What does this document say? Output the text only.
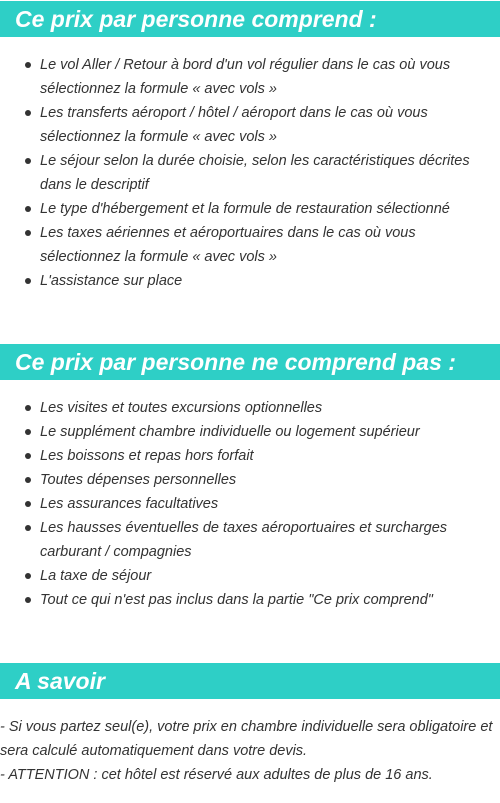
Ce prix par personne comprend :
Le vol Aller / Retour à bord d'un vol régulier dans le cas où vous sélectionnez la formule « avec vols »
Les transferts aéroport / hôtel / aéroport dans le cas où vous sélectionnez la formule « avec vols »
Le séjour selon la durée choisie, selon les caractéristiques décrites dans le descriptif
Le type d'hébergement et la formule de restauration sélectionné
Les taxes aériennes et aéroportuaires dans le cas où vous sélectionnez la formule « avec vols »
L'assistance sur place
Ce prix par personne ne comprend pas :
Les visites et toutes excursions optionnelles
Le supplément chambre individuelle ou logement supérieur
Les boissons et repas hors forfait
Toutes dépenses personnelles
Les assurances facultatives
Les hausses éventuelles de taxes aéroportuaires et surcharges carburant / compagnies
La taxe de séjour
Tout ce qui n'est pas inclus dans la partie "Ce prix comprend"
A savoir
- Si vous partez seul(e), votre prix en chambre individuelle sera obligatoire et sera calculé automatiquement dans votre devis.
- ATTENTION : cet hôtel est réservé aux adultes de plus de 16 ans.
